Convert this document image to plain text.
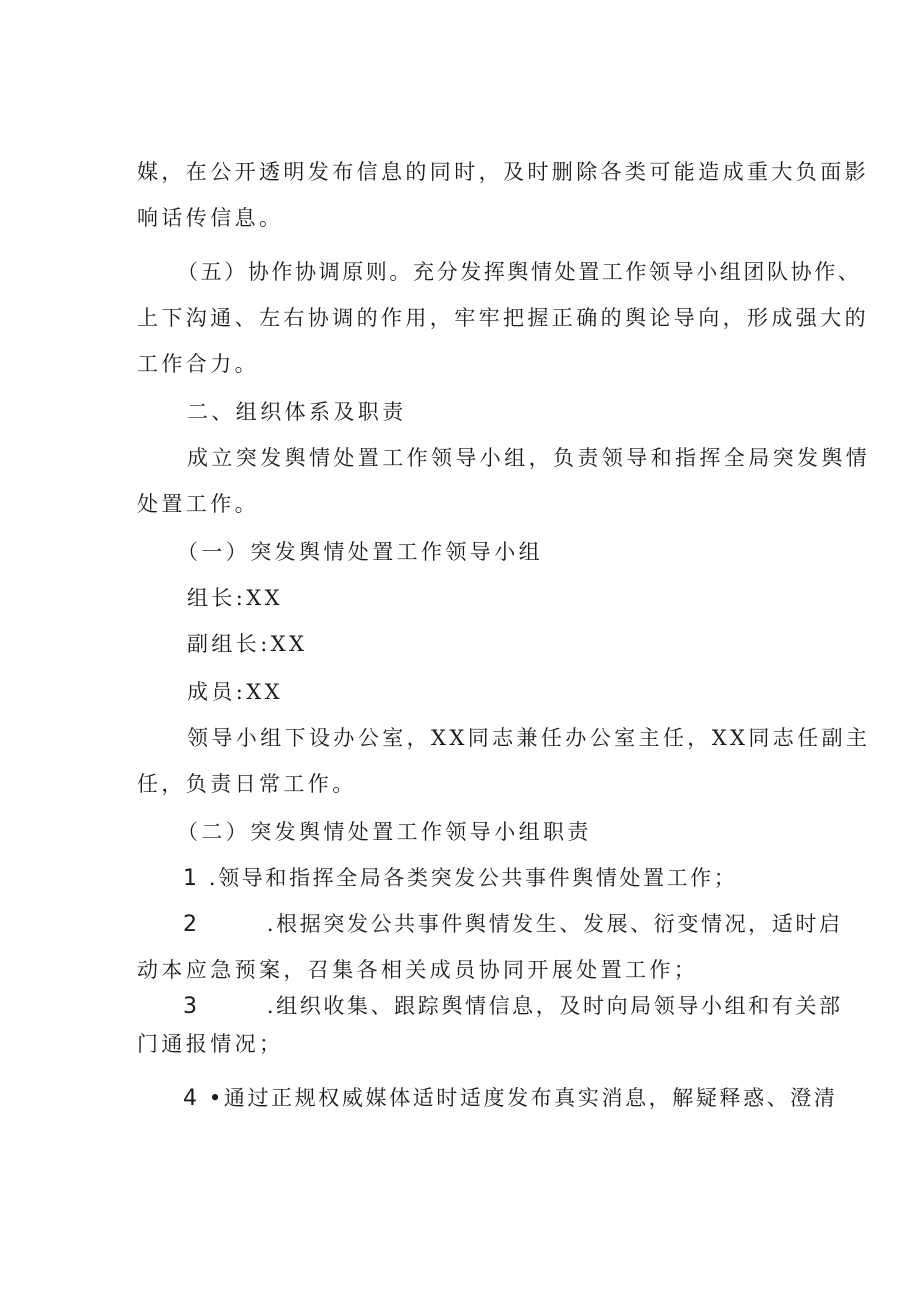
媒，在公开透明发布信息的同时，及时删除各类可能造成重大负面影

响话传信息。

（五）协作协调原则。充分发挥舆情处置工作领导小组团队协作、

上下沟通、左右协调的作用，牢牢把握正确的舆论导向，形成强大的

工作合力。

二、组织体系及职责

成立突发舆情处置工作领导小组，负责领导和指挥全局突发舆情

处置工作。

（一）突发舆情处置工作领导小组

组长:XX

副组长:XX

成员:XX

领导小组下设办公室，XX同志兼任办公室主任，XX同志任副主

任，负责日常工作。

（二）突发舆情处置工作领导小组职责

1 .领导和指挥全局各类突发公共事件舆情处置工作；

2	.根据突发公共事件舆情发生、发展、衍变情况，适时启

动本应急预案，召集各相关成员协同开展处置工作；

3	.组织收集、跟踪舆情信息，及时向局领导小组和有关部

门通报情况；

4 •通过正规权威媒体适时适度发布真实消息，解疑释惑、澄清
